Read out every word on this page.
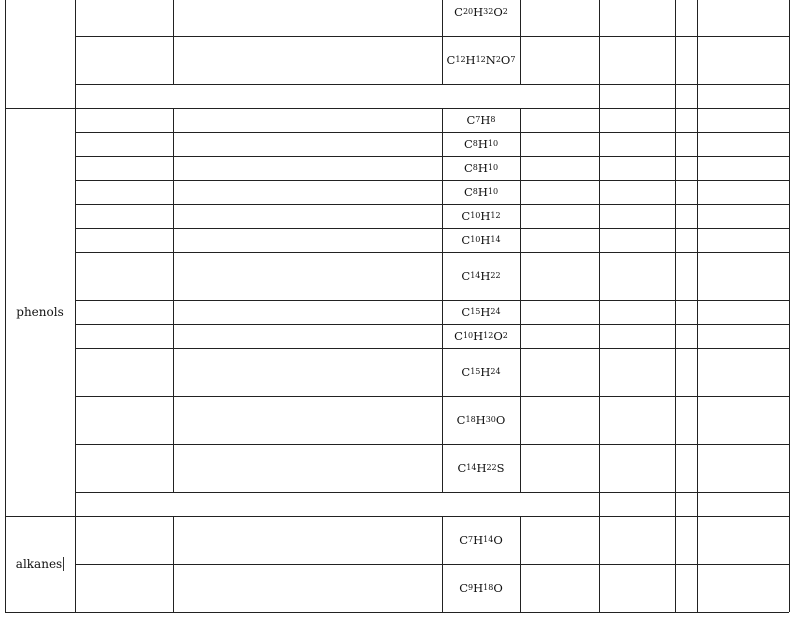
C 20 H 32 O 2
C 12 H 12 N 2 O 7
C 7 H 8
C 8 H 10
C 8 H 10
C 8 H 10
C 10 H 12
C 10 H 14
C 14 H 22
C 15 H 24
C 10 H 12 O 2
C 15 H 24
C 18 H 30 O
C 14 H 22 S
phenols
C 7 H 14 O
C 9 H 18 O
alkanes
